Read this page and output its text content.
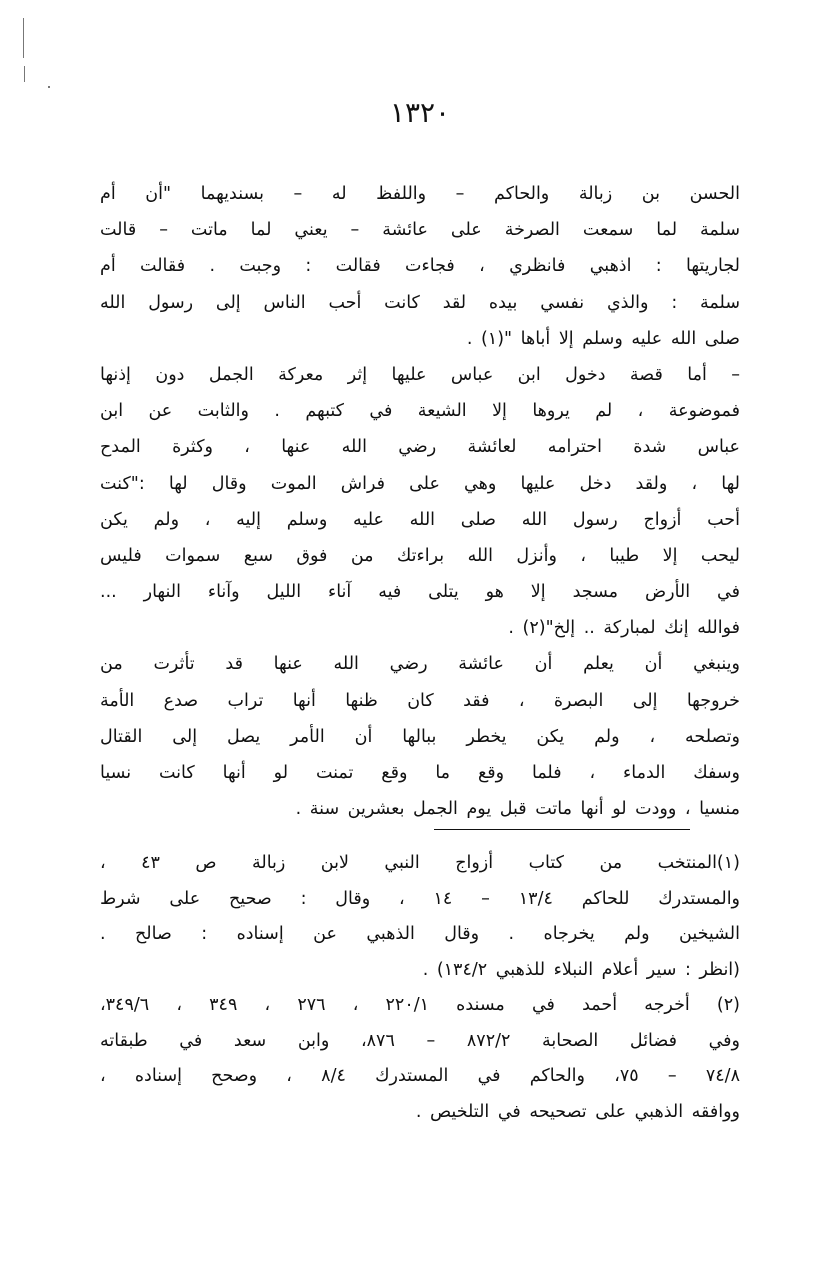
١٣٢٠
الحسن بن زبالة والحاكم – واللفظ له – بسنديهما "أن أم
سلمة لما سمعت الصرخة على عائشة – يعني لما ماتت – قالت
لجاريتها : اذهبي فانظري ، فجاءت فقالت : وجبت . فقالت أم
سلمة : والذي نفسي بيده لقد كانت أحب الناس إلى رسول الله
صلى الله عليه وسلم إلا أباها "(١) .
– أما قصة دخول ابن عباس عليها إثر معركة الجمل دون إذنها
فموضوعة ، لم يروها إلا الشيعة في كتبهم . والثابت عن ابن
عباس شدة احترامه لعائشة رضي الله عنها ، وكثرة المدح
لها ، ولقد دخل عليها وهي على فراش الموت وقال لها :"كنت
أحب أزواج رسول الله صلى الله عليه وسلم إليه ، ولم يكن
ليحب إلا طيبا ، وأنزل الله براءتك من فوق سبع سموات فليس
في الأرض مسجد إلا هو يتلى فيه آناء الليل وآناء النهار ...
فوالله إنك لمباركة .. إلخ"(٢) .
وينبغي أن يعلم أن عائشة رضي الله عنها قد تأثرت من
خروجها إلى البصرة ، فقد كان ظنها أنها تراب صدع الأمة
وتصلحه ، ولم يكن يخطر ببالها أن الأمر يصل إلى القتال
وسفك الدماء ، فلما وقع ما وقع تمنت لو أنها كانت نسيا
منسيا ، وودت لو أنها ماتت قبل يوم الجمل بعشرين سنة .
(١)المنتخب من كتاب أزواج النبي لابن زبالة ص ٤٣ ،
والمستدرك للحاكم ١٣/٤ – ١٤ ، وقال : صحيح على شرط
الشيخين ولم يخرجاه . وقال الذهبي عن إسناده : صالح .
(انظر : سير أعلام النبلاء للذهبي ١٣٤/٢) .
(٢) أخرجه أحمد في مسنده ٢٢٠/١ ، ٢٧٦ ، ٣٤٩ ، ٣٤٩/٦،
وفي فضائل الصحابة ٨٧٢/٢ – ٨٧٦، وابن سعد في طبقاته
٧٤/٨ – ٧٥، والحاكم في المستدرك ٨/٤ ، وصحح إسناده ،
ووافقه الذهبي على تصحيحه في التلخيص .
